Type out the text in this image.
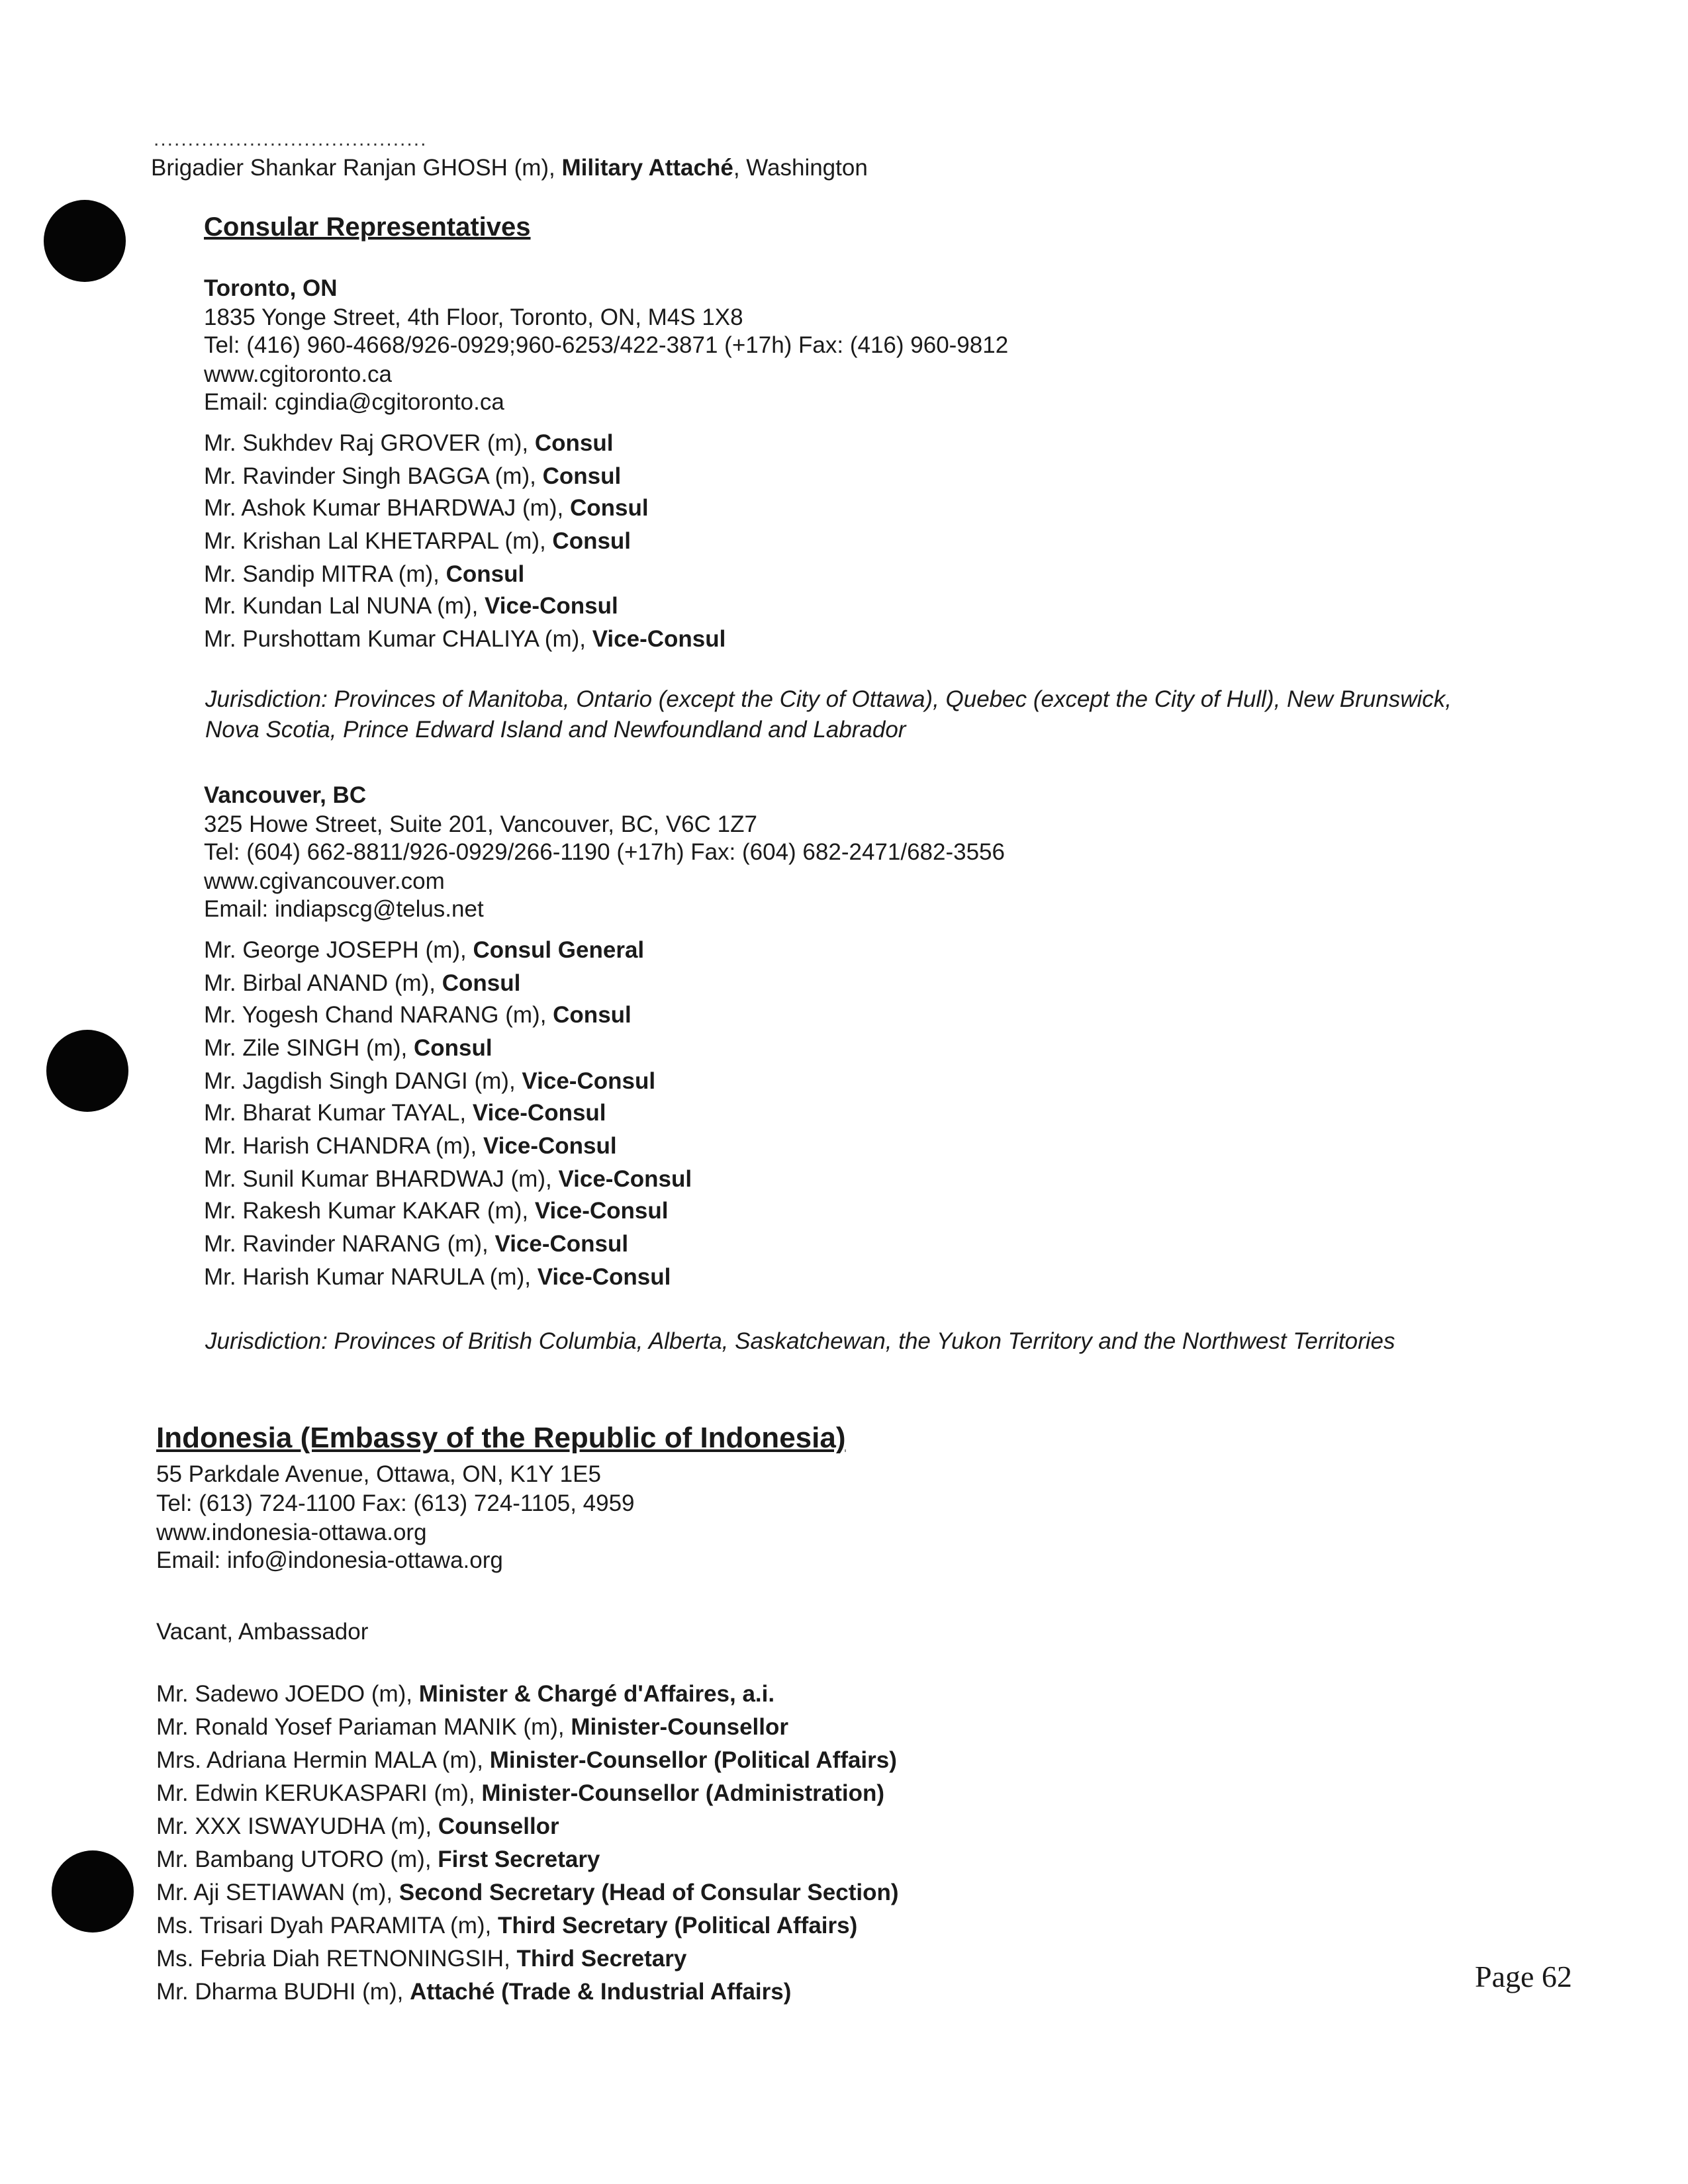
........................................
Brigadier Shankar Ranjan GHOSH (m), Military Attaché, Washington
Consular Representatives
Toronto, ON
1835 Yonge Street, 4th Floor, Toronto, ON, M4S 1X8
Tel: (416) 960-4668/926-0929;960-6253/422-3871 (+17h) Fax: (416) 960-9812
www.cgitoronto.ca
Email: cgindia@cgitoronto.ca
Mr. Sukhdev Raj GROVER (m), Consul
Mr. Ravinder Singh BAGGA (m), Consul
Mr. Ashok Kumar BHARDWAJ (m), Consul
Mr. Krishan Lal KHETARPAL (m), Consul
Mr. Sandip MITRA (m), Consul
Mr. Kundan Lal NUNA (m), Vice-Consul
Mr. Purshottam Kumar CHALIYA (m), Vice-Consul
Jurisdiction: Provinces of Manitoba, Ontario (except the City of Ottawa), Quebec (except the City of Hull), New Brunswick, Nova Scotia, Prince Edward Island and Newfoundland and Labrador
Vancouver, BC
325 Howe Street, Suite 201, Vancouver, BC, V6C 1Z7
Tel: (604) 662-8811/926-0929/266-1190 (+17h) Fax: (604) 682-2471/682-3556
www.cgivancouver.com
Email: indiapscg@telus.net
Mr. George JOSEPH (m), Consul General
Mr. Birbal ANAND (m), Consul
Mr. Yogesh Chand NARANG (m), Consul
Mr. Zile SINGH (m), Consul
Mr. Jagdish Singh DANGI (m), Vice-Consul
Mr. Bharat Kumar TAYAL, Vice-Consul
Mr. Harish CHANDRA (m), Vice-Consul
Mr. Sunil Kumar BHARDWAJ (m), Vice-Consul
Mr. Rakesh Kumar KAKAR (m), Vice-Consul
Mr. Ravinder NARANG (m), Vice-Consul
Mr. Harish Kumar NARULA (m), Vice-Consul
Jurisdiction: Provinces of British Columbia, Alberta, Saskatchewan, the Yukon Territory and the Northwest Territories
Indonesia (Embassy of the Republic of Indonesia)
55 Parkdale Avenue, Ottawa, ON, K1Y 1E5
Tel: (613) 724-1100 Fax: (613) 724-1105, 4959
www.indonesia-ottawa.org
Email: info@indonesia-ottawa.org
Vacant, Ambassador
Mr. Sadewo JOEDO (m), Minister & Chargé d'Affaires, a.i.
Mr. Ronald Yosef Pariaman MANIK (m), Minister-Counsellor
Mrs. Adriana Hermin MALA (m), Minister-Counsellor (Political Affairs)
Mr. Edwin KERUKASPARI (m), Minister-Counsellor (Administration)
Mr. XXX ISWAYUDHA (m), Counsellor
Mr. Bambang UTORO (m), First Secretary
Mr. Aji SETIAWAN (m), Second Secretary (Head of Consular Section)
Ms. Trisari Dyah PARAMITA (m), Third Secretary (Political Affairs)
Ms. Febria Diah RETNONINGSIH, Third Secretary
Mr. Dharma BUDHI (m), Attaché (Trade & Industrial Affairs)	Page 62
